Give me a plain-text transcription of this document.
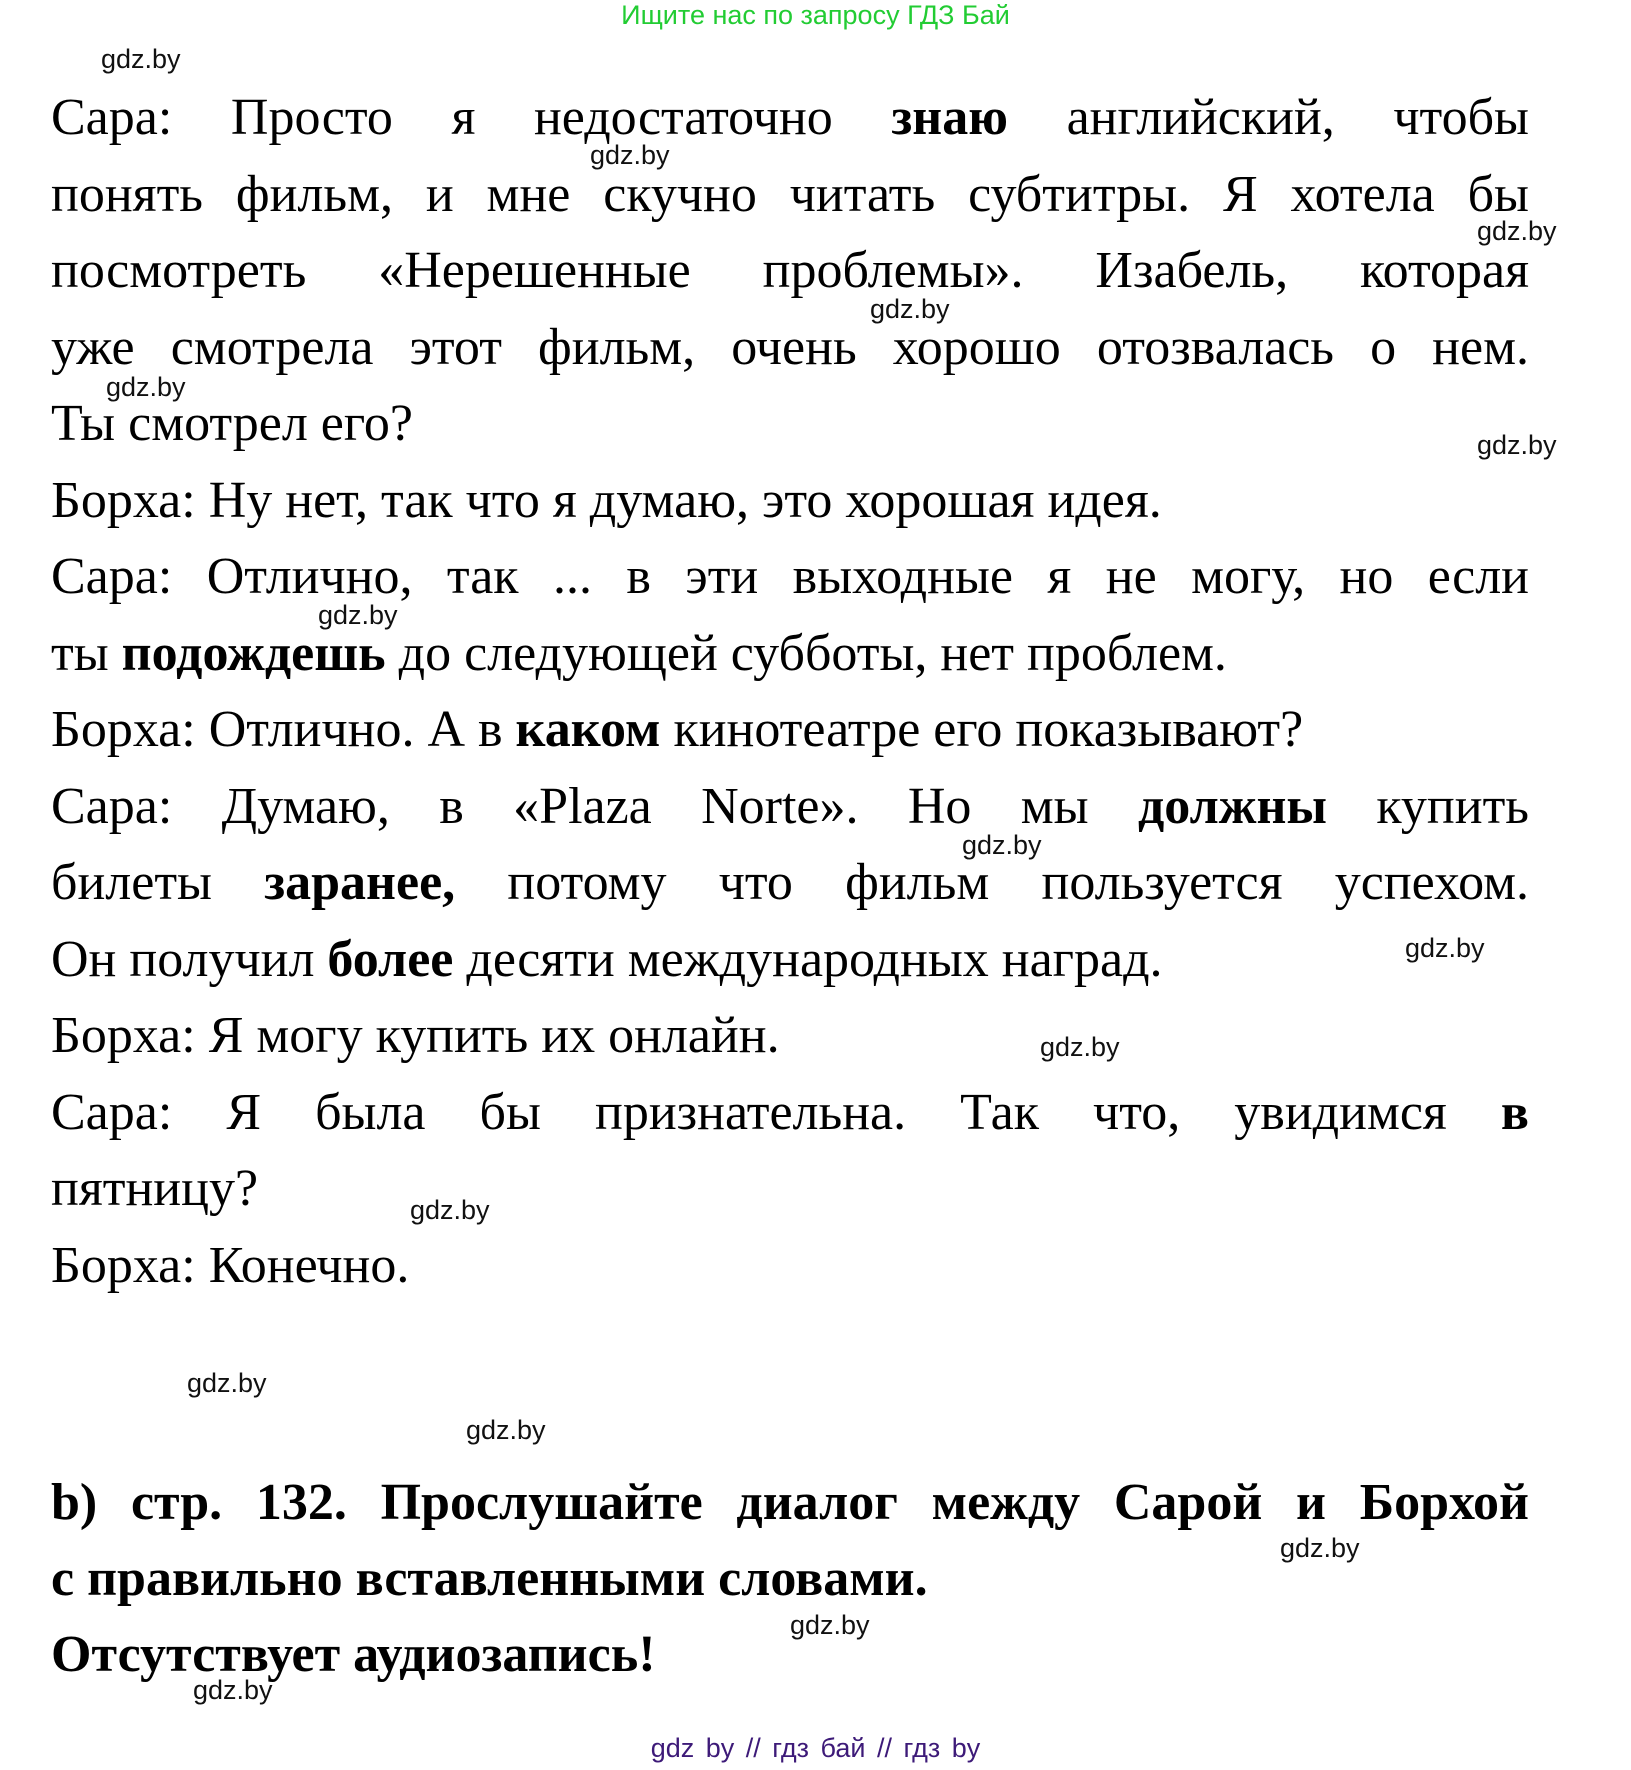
Ищите нас по запросу ГДЗ Бай
Сара: Просто я недостаточно знаю английский, чтобы
понять фильм, и мне скучно читать субтитры. Я хотела бы
посмотреть «Нерешенные проблемы». Изабель, которая
уже смотрела этот фильм, очень хорошо отозвалась о нем.
Ты смотрел его?
Борха: Ну нет, так что я думаю, это хорошая идея.
Сара: Отлично, так ... в эти выходные я не могу, но если
ты подождешь до следующей субботы, нет проблем.
Борха: Отлично. А в каком кинотеатре его показывают?
Сара: Думаю, в «Plaza Norte». Но мы должны купить
билеты заранее, потому что фильм пользуется успехом.
Он получил более десяти международных наград.
Борха: Я могу купить их онлайн.
Сара: Я была бы признательна. Так что, увидимся в
пятницу?
Борха: Конечно.
b) стр. 132. Прослушайте диалог между Сарой и Борхой
с правильно вставленными словами.
Отсутствует аудиозапись!
gdz.by
gdz.by
gdz.by
gdz.by
gdz.by
gdz.by
gdz.by
gdz.by
gdz.by
gdz.by
gdz.by
gdz.by
gdz.by
gdz.by
gdz.by
gdz.by
gdz by // гдз бай // гдз by
